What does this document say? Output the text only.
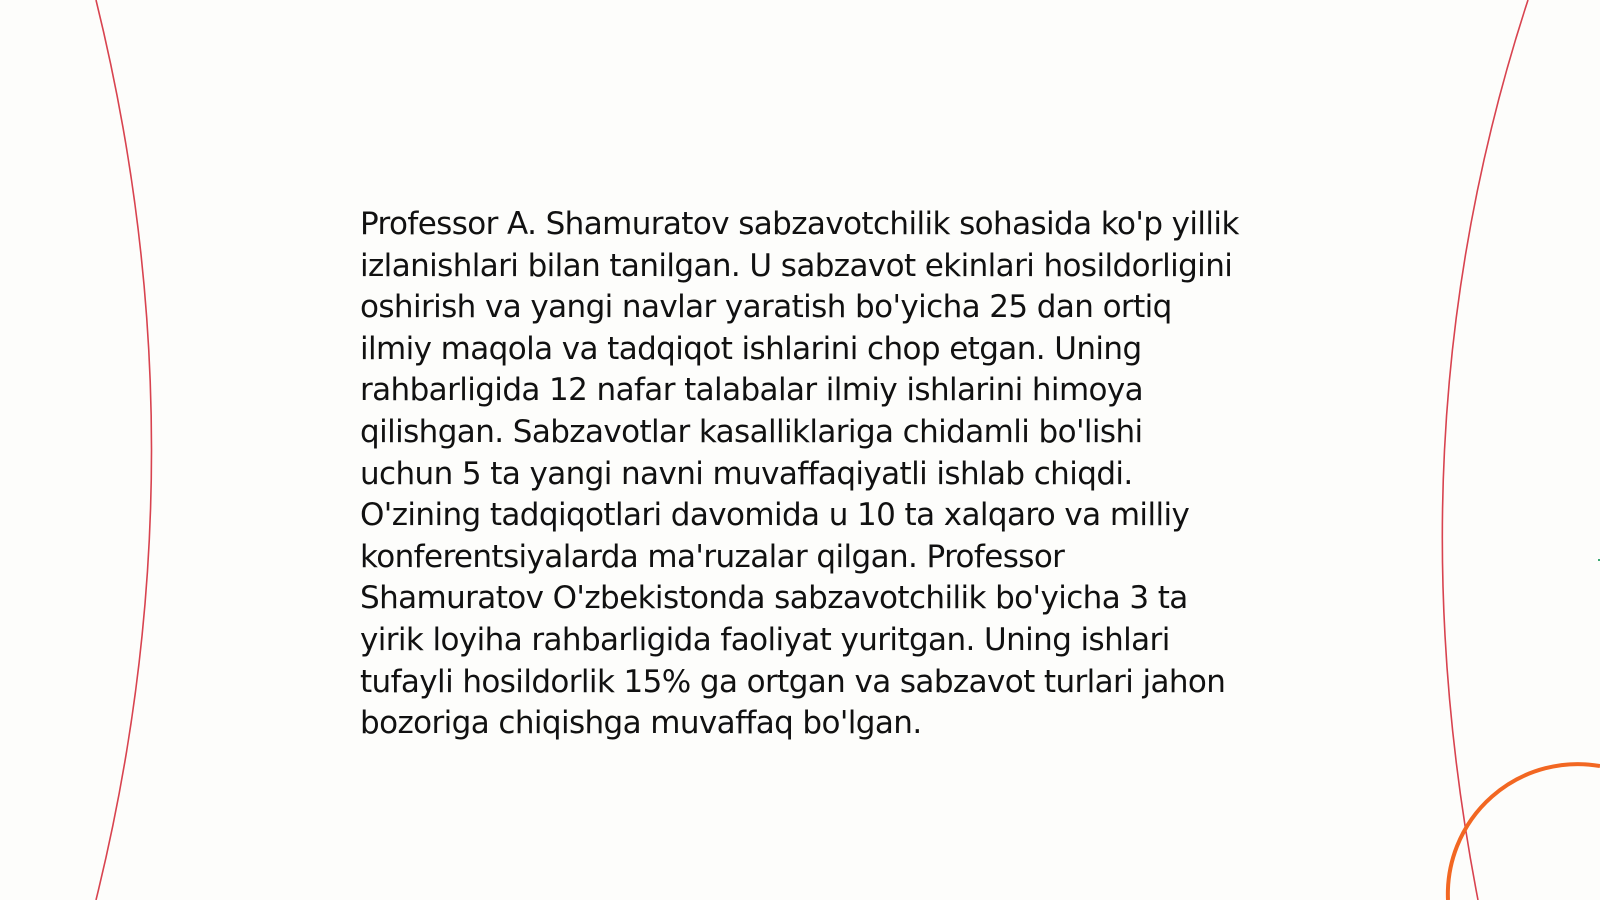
Professor A. Shamuratov sabzavotchilik sohasida ko'p yillik izlanishlari bilan tanilgan. U sabzavot ekinlari hosildorligini oshirish va yangi navlar yaratish bo'yicha 25 dan ortiq ilmiy maqola va tadqiqot ishlarini chop etgan. Uning rahbarligida 12 nafar talabalar ilmiy ishlarini himoya qilishgan. Sabzavotlar kasalliklariga chidamli bo'lishi uchun 5 ta yangi navni muvaffaqiyatli ishlab chiqdi. O'zining tadqiqotlari davomida u 10 ta xalqaro va milliy konferentsiyalarda ma'ruzalar qilgan. Professor Shamuratov O'zbekistonda sabzavotchilik bo'yicha 3 ta yirik loyiha rahbarligida faoliyat yuritgan. Uning ishlari tufayli hosildorlik 15% ga ortgan va sabzavot turlari jahon bozoriga chiqishga muvaffaq bo'lgan.
